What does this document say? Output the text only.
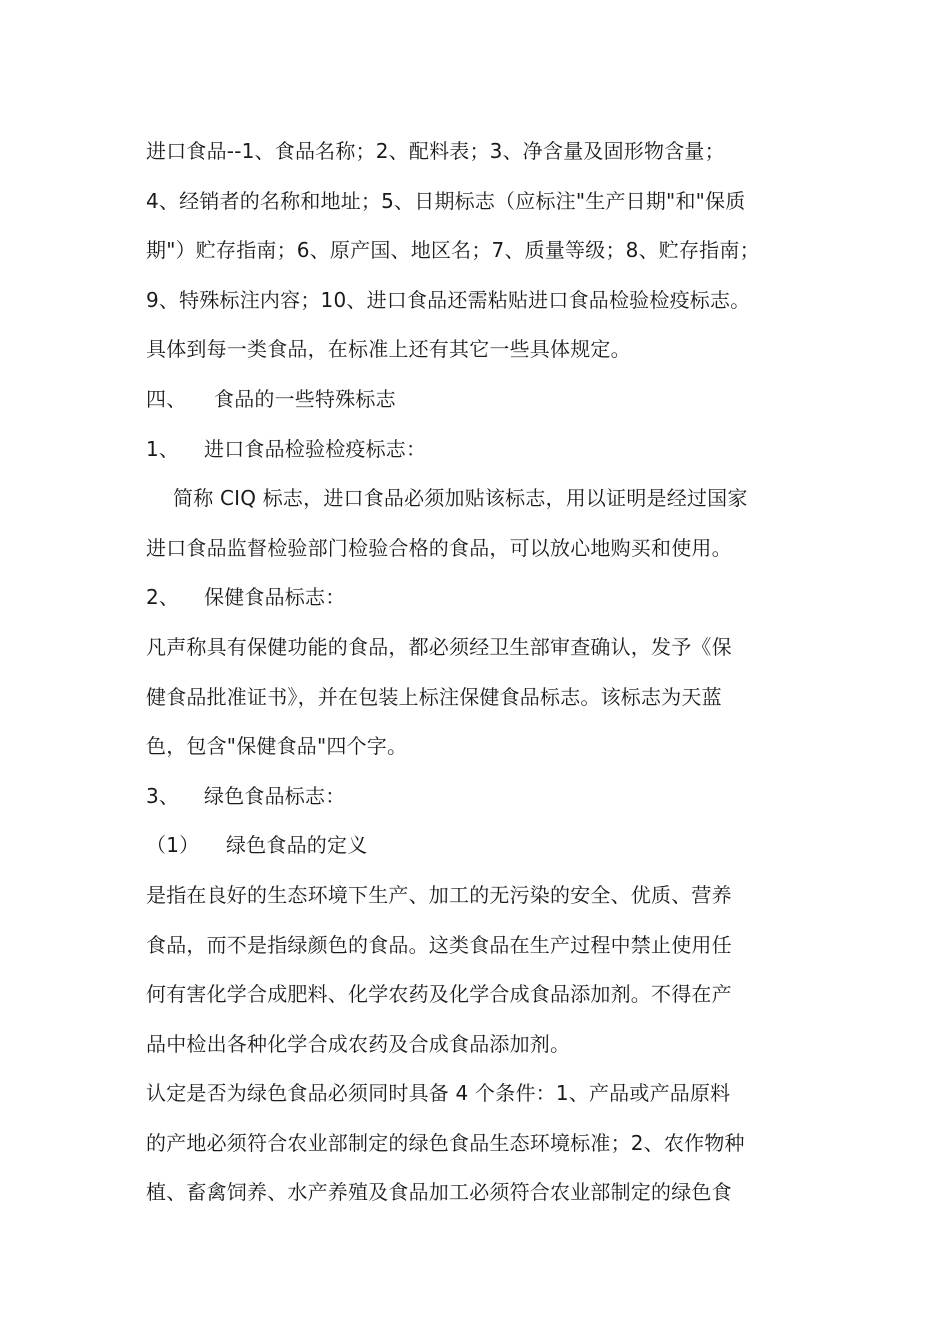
进口食品--1、食品名称；2、配料表；3、净含量及固形物含量；
4、经销者的名称和地址；5、日期标志（应标注"生产日期"和"保质
期"）贮存指南；6、原产国、地区名；7、质量等级；8、贮存指南；
9、特殊标注内容；10、进口食品还需粘贴进口食品检验检疫标志。
具体到每一类食品，在标准上还有其它一些具体规定。
四、	食品的一些特殊标志
1、	进口食品检验检疫标志：
简称 CIQ 标志，进口食品必须加贴该标志，用以证明是经过国家
进口食品监督检验部门检验合格的食品，可以放心地购买和使用。
2、	保健食品标志：
凡声称具有保健功能的食品，都必须经卫生部审查确认，发予《保
健食品批准证书》，并在包装上标注保健食品标志。该标志为天蓝
色，包含"保健食品"四个字。
3、	绿色食品标志：
（1）	绿色食品的定义
是指在良好的生态环境下生产、加工的无污染的安全、优质、营养
食品，而不是指绿颜色的食品。这类食品在生产过程中禁止使用任
何有害化学合成肥料、化学农药及化学合成食品添加剂。不得在产
品中检出各种化学合成农药及合成食品添加剂。
认定是否为绿色食品必须同时具备 4 个条件：1、产品或产品原料
的产地必须符合农业部制定的绿色食品生态环境标准；2、农作物种
植、畜禽饲养、水产养殖及食品加工必须符合农业部制定的绿色食
